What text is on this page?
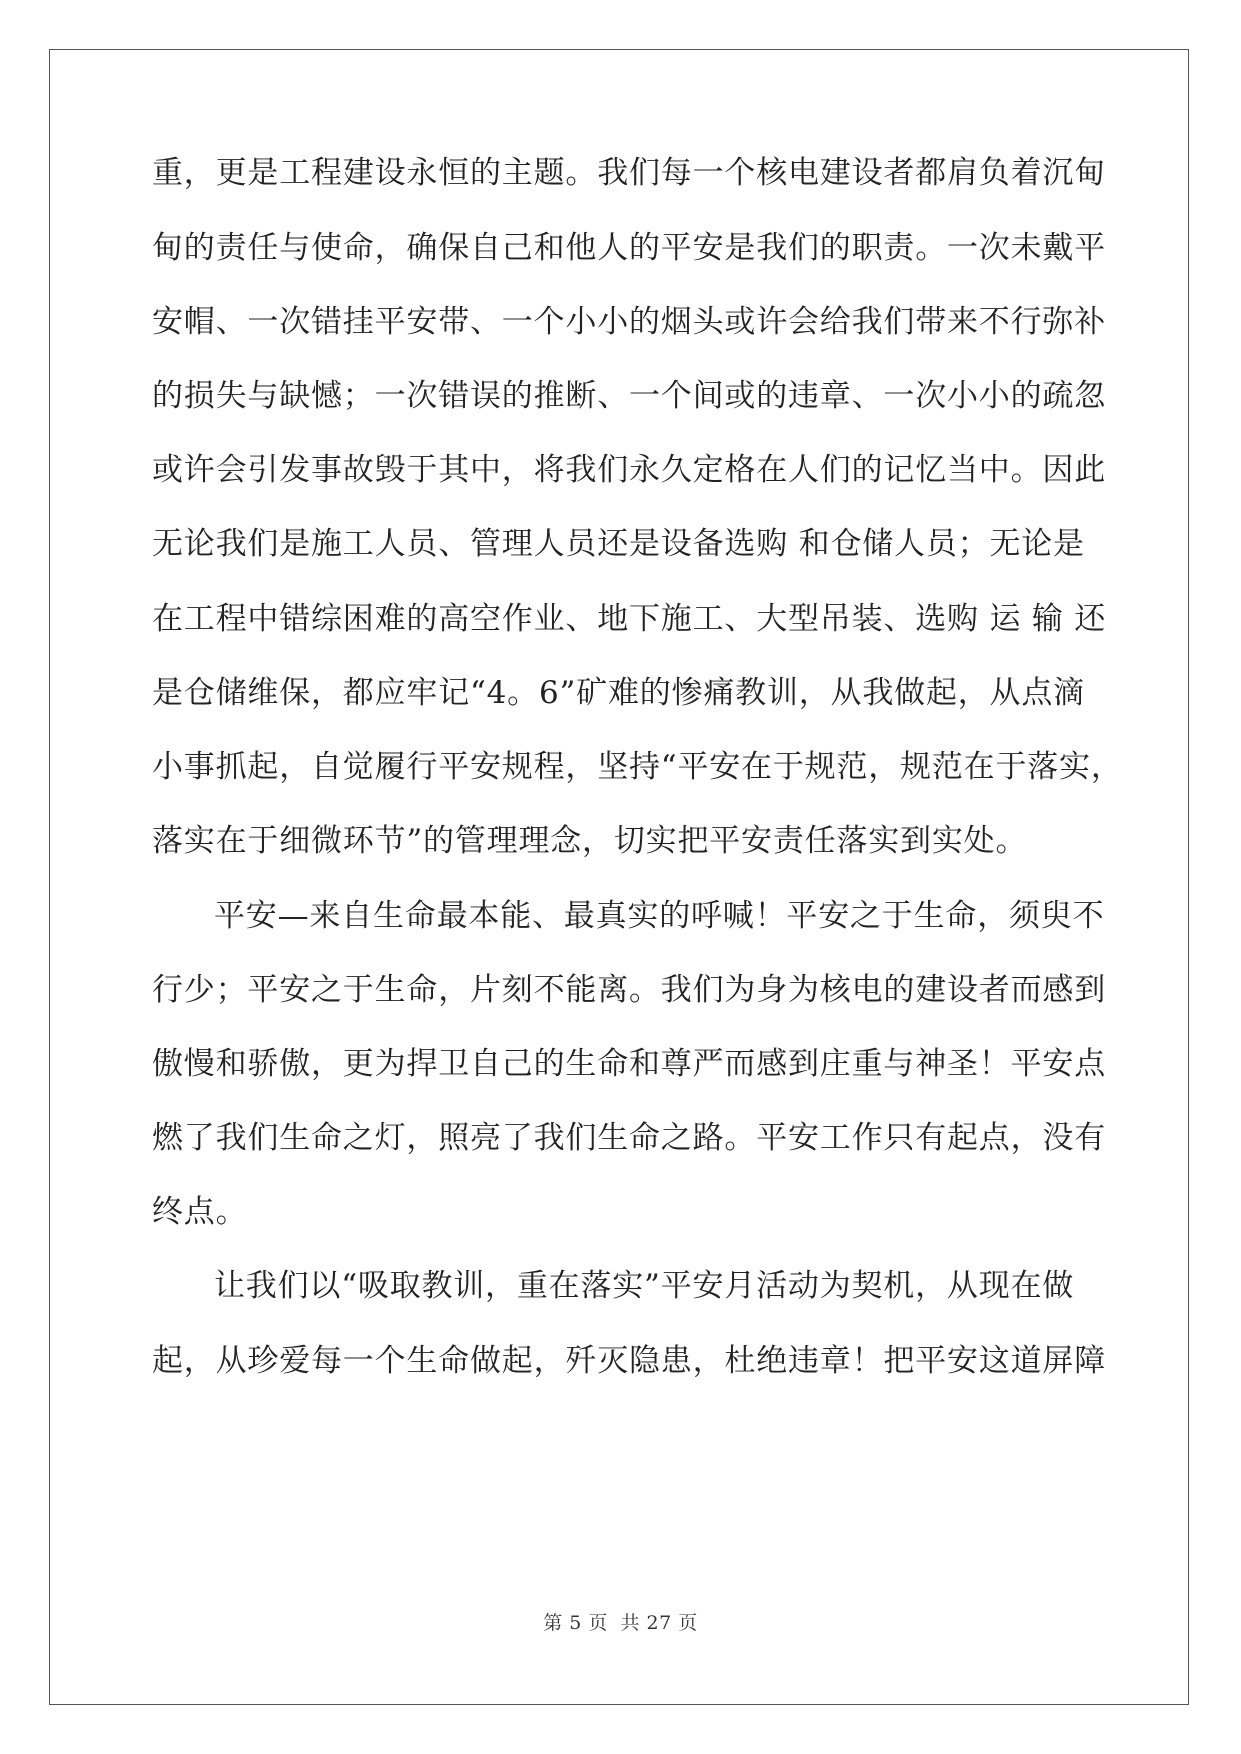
重，更是工程建设永恒的主题。我们每一个核电建设者都肩负着沉甸
甸的责任与使命，确保自己和他人的平安是我们的职责。一次未戴平
安帽、一次错挂平安带、一个小小的烟头或许会给我们带来不行弥补
的损失与缺憾；一次错误的推断、一个间或的违章、一次小小的疏忽
或许会引发事故毁于其中，将我们永久定格在人们的记忆当中。因此
无论我们是施工人员、管理人员还是设备选购 和仓储人员；无论是
在工程中错综困难的高空作业、地下施工、大型吊装、选购 运 输 还
是仓储维保，都应牢记“4。6”矿难的惨痛教训，从我做起，从点滴
小事抓起，自觉履行平安规程，坚持“平安在于规范，规范在于落实，
落实在于细微环节”的管理理念，切实把平安责任落实到实处。
平安—来自生命最本能、最真实的呼喊！平安之于生命，须臾不
行少；平安之于生命，片刻不能离。我们为身为核电的建设者而感到
傲慢和骄傲，更为捍卫自己的生命和尊严而感到庄重与神圣！平安点
燃了我们生命之灯，照亮了我们生命之路。平安工作只有起点，没有
终点。
让我们以“吸取教训，重在落实”平安月活动为契机，从现在做
起，从珍爱每一个生命做起，歼灭隐患，杜绝违章！把平安这道屏障
第 5 页 共 27 页
